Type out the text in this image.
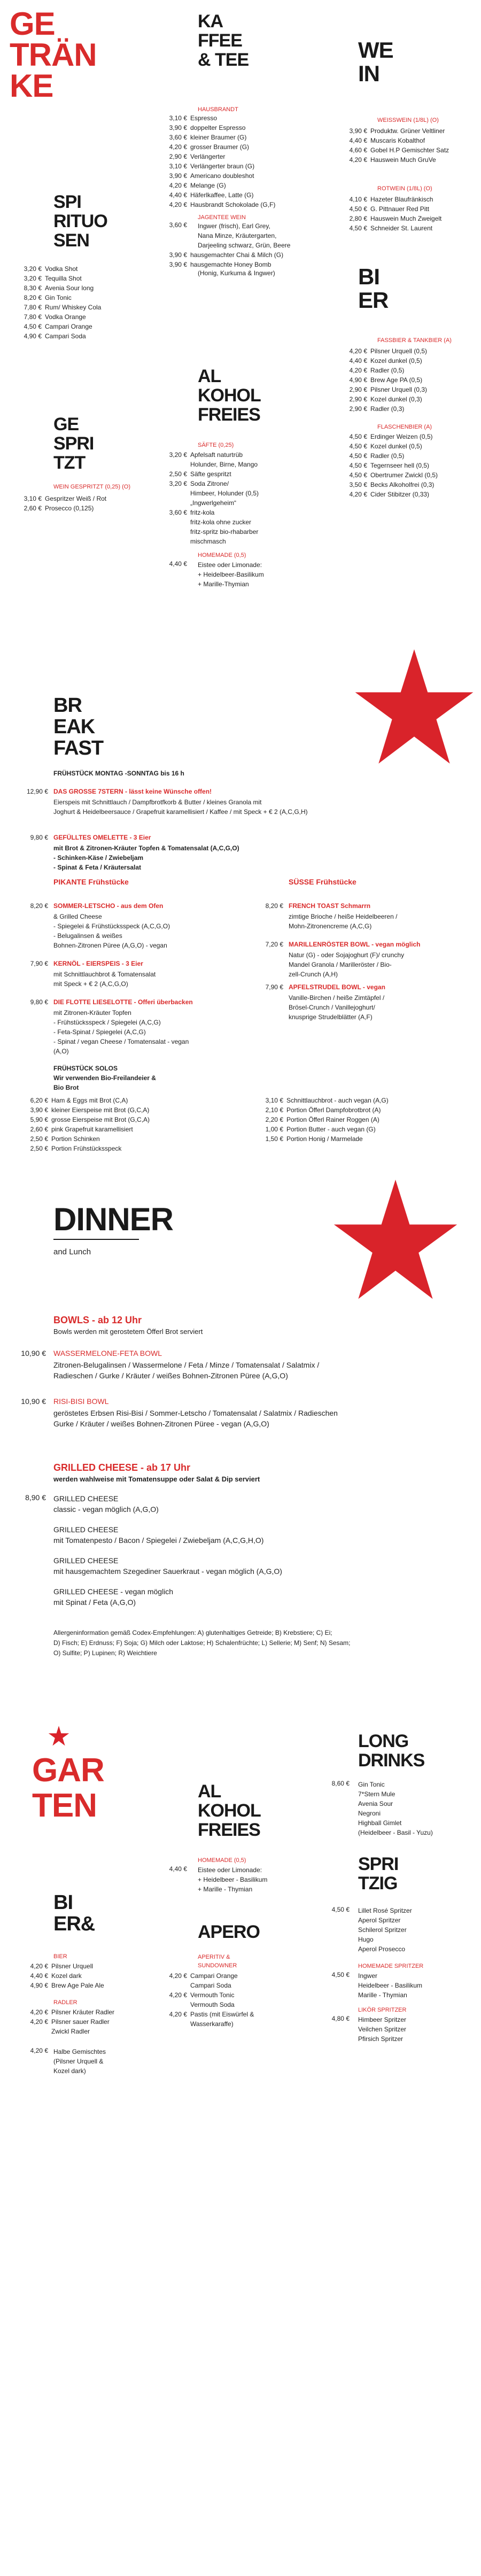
GE
TRÄN
KE
SPI
RITUO
SEN
3,20 € Vodka Shot
3,20 € Tequilla Shot
8,30 € Avenia Sour long
8,20 € Gin Tonic
7,80 € Rum/ Whiskey Cola
7,80 € Vodka Orange
4,50 € Campari Orange
4,90 € Campari Soda
GE
SPRI
TZT
WEIN GESPRITZT (0,25) (O)
3,10 € Gespritzer Weiß / Rot
2,60 € Prosecco (0,125)
KA
FFEE
& TEE
HAUSBRANDT
3,10 € Espresso
3,90 € doppelter Espresso
3,60 € kleiner Braumer (G)
4,20 € grosser Braumer (G)
2,90 € Verlängerter
3,10 € Verlängerter braun (G)
3,90 € Americano doubleshot
4,20 € Melange (G)
4,40 € Häferlkaffee, Latte (G)
4,20 € Hausbrandt Schokolade (G,F)
JAGENTEE WEIN
3,60 € Ingwer (frisch), Earl Grey,
Nana Minze, Kräutergarten,
Darjeeling schwarz, Grün, Beere
3,90 € hausgemachter Chai & Milch (G)
3,90 € hausgemachte Honey Bomb
(Honig, Kurkuma & Ingwer)
AL
KOHOL
FREIES
SÄFTE (0,25)
3,20 € Apfelsaft naturtrüb
Holunder, Birne, Mango
2,50 € Säfte gespritzt
3,20 € Soda Zitrone/
Himbeer, Holunder (0,5)
„Ingwerlgeheim“
3,60 € fritz-kola
fritz-kola ohne zucker
fritz-spritz bio-rhabarber
mischmasch
HOMEMADE (0,5)
4,40 € Eistee oder Limonade:
+ Heidelbeer-Basilikum
+ Marille-Thymian
WE
IN
WEISSWEIN (1/8L) (O)
3,90 € Produktw. Grüner Veltliner
4,40 € Muscaris Kobalthof
4,60 € Gobel H.P Gemischter Satz
4,20 € Hauswein Much GruVe
ROTWEIN (1/8L) (O)
4,10 € Hazeter Blaufränkisch
4,50 € G. Pittnauer Red Pitt
2,80 € Hauswein Much Zweigelt
4,50 € Schneider St. Laurent
BI
ER
FASSBIER & TANKBIER (A)
4,20 € Pilsner Urquell (0,5)
4,40 € Kozel dunkel (0,5)
4,20 € Radler (0,5)
4,90 € Brew Age PA (0,5)
2,90 € Pilsner Urquell (0,3)
2,90 € Kozel dunkel (0,3)
2,90 € Radler (0,3)
FLASCHENBIER (A)
4,50 € Erdinger Weizen (0,5)
4,50 € Kozel dunkel (0,5)
4,50 € Radler (0,5)
4,50 € Tegernseer hell (0,5)
4,50 € Obertrumer Zwickl (0,5)
3,50 € Becks Alkoholfrei (0,3)
4,20 € Cider Stibitzer (0,33)
BR
EAK
FAST
FRÜHSTÜCK MONTAG -SONNTAG bis 16 h
12,90 € DAS GROSSE 7STERN - lässt keine Wünsche offen!
Eierspeis mit Schnittlauch / Dampfbrotfkorb & Butter / kleines Granola mit
Joghurt & Heidelbeersauce / Grapefruit karamellisiert / Kaffee / mit Speck + € 2 (A,C,G,H)
9,80 € GEFÜLLTES OMELETTE - 3 Eier
mit Brot & Zitronen-Kräuter Topfen & Tomatensalat (A,C,G,O)
- Schinken-Käse / Zwiebeljam
- Spinat & Feta / Kräutersalat
PIKANTE Frühstücke
8,20 € SOMMER-LETSCHO - aus dem Ofen
& Grilled Cheese
- Spiegelei & Frühstücksspeck (A,C,G,O)
- Belugalinsen & weißes
Bohnen-Zitronen Püree (A,G,O) - vegan
7,90 € KERNÖL - EIERSPEIS - 3 Eier
mit Schnittlauchbrot & Tomatensalat
mit Speck + € 2 (A,C,G,O)
9,80 € DIE FLOTTE LIESELOTTE - Offeri überbacken
mit Zitronen-Kräuter Topfen
- Frühstücksspeck / Spiegelei (A,C,G)
- Feta-Spinat / Spiegelei (A,C,G)
- Spinat / vegan Cheese / Tomatensalat - vegan
(A,O)
SÜSSE Frühstücke
8,20 € FRENCH TOAST Schmarrn
zimtige Brioche / heiße Heidelbeeren /
Mohn-Zitronencreme (A,C,G)
7,20 € MARILLENRÖSTER BOWL - vegan möglich
Natur (G) - oder Sojajoghurt (F)/ crunchy
Mandel Granola / Marilleröster / Bio-
zell-Crunch (A,H)
7,90 € APFELSTRUDEL BOWL - vegan
Vanille-Birchen / heiße Zimtäpfel /
Brösel-Crunch / Vanillejoghurt/
knusprige Strudelblätter (A,F)
FRÜHSTÜCK SOLOS
Wir verwenden Bio-Freilandeier &
Bio Brot
6,20 € Ham & Eggs mit Brot (C,A)
3,90 € kleiner Eierspeise mit Brot (G,C,A)
5,90 € grosse Eierspeise mit Brot (G,C,A)
2,60 € pink Grapefruit karamellisiert
2,50 € Portion Schinken
2,50 € Portion Frühstücksspeck
3,10 € Schnittlauchbrot - auch vegan (A,G)
2,10 € Portion Öfferl Dampfobrotbrot (A)
2,20 € Portion Öfferl Rainer Roggen (A)
1,00 € Portion Butter - auch vegan (G)
1,50 € Portion Honig / Marmelade
DINNER
and Lunch
BOWLS - ab 12 Uhr
Bowls werden mit gerostetem Öfferl Brot serviert
10,90 € WASSERMELONE-FETA BOWL
Zitronen-Belugalinsen / Wassermelone / Feta / Minze / Tomatensalat / Salatmix /
Radieschen / Gurke / Kräuter / weißes Bohnen-Zitronen Püree (A,G,O)
10,90 € RISI-BISI BOWL
geröstetes Erbsen Risi-Bisi / Sommer-Letscho / Tomatensalat / Salatmix / Radieschen
Gurke / Kräuter / weißes Bohnen-Zitronen Püree - vegan (A,G,O)
GRILLED CHEESE - ab 17 Uhr
werden wahlweise mit Tomatensuppe oder Salat & Dip serviert
8,90 € GRILLED CHEESE
classic - vegan möglich (A,G,O)
GRILLED CHEESE
mit Tomatenpesto / Bacon / Spiegelei / Zwiebeljam (A,C,G,H,O)
GRILLED CHEESE
mit hausgemachtem Szegediner Sauerkraut - vegan möglich (A,G,O)
GRILLED CHEESE - vegan möglich
mit Spinat / Feta (A,G,O)
Allergeninformation gemäß Codex-Empfehlungen: A) glutenhaltiges Getreide; B) Krebstiere; C) Ei;
D) Fisch; E) Erdnuss; F) Soja; G) Milch oder Laktose; H) Schalenfrüchte; L) Sellerie; M) Senf; N) Sesam;
O) Sulfite; P) Lupinen; R) Weichtiere
GAR
TEN
BI
ER&
BIER
4,20 € Pilsner Urquell
4,40 € Kozel dark
4,90 € Brew Age Pale Ale
RADLER
4,20 € Pilsner Kräuter Radler
4,20 € Pilsner sauer Radler
Zwickl Radler
4,20 € Halbe Gemischtes
(Pilsner Urquell &
Kozel dark)
AL
KOHOL
FREIES
HOMEMADE (0,5)
4,40 € Eistee oder Limonade:
+ Heidelbeer - Basilikum
+ Marille - Thymian
APERO
APERITIV & SUNDOWNER
4,20 € Campari Orange
Campari Soda
4,20 € Vermouth Tonic
Vermouth Soda
4,20 € Pastis (mit Eiswürfel &
Wasserkaraffe)
LONG
DRINKS
8,60 € Gin Tonic
7*Stern Mule
Avenia Sour
Negroni
Highball Gimlet
(Heidelbeer - Basil - Yuzu)
SPRI
TZIG
4,50 € Lillet Rosé Spritzer
Aperol Spritzer
Schilerol Spritzer
Hugo
Aperol Prosecco
HOMEMADE SPRITZER
4,50 € Ingwer
Heidelbeer - Basilikum
Marille - Thymian
LIKÖR SPRITZER
4,80 € Himbeer Spritzer
Veilchen Spritzer
Pfirsich Spritzer
